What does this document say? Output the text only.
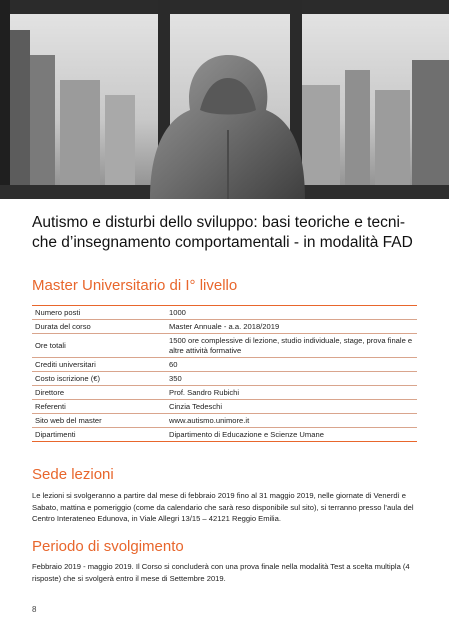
Autismo e disturbi dello sviluppo: basi teoriche e tecni-che d’insegnamento comportamentali - in modalità FAD
Master Universitario di I° livello
Numero posti	1000
Durata del corso	Master Annuale - a.a. 2018/2019
Ore totali	1500 ore complessive di lezione, studio individuale, stage, prova finale e altre attività formative
Crediti universitari	60
Costo iscrizione (€)	350
Direttore	Prof. Sandro Rubichi
Referenti	Cinzia Tedeschi
Sito web del master	www.autismo.unimore.it
Dipartimenti	Dipartimento di Educazione e Scienze Umane
Sede lezioni

Le lezioni si svolgeranno a partire dal mese di febbraio 2019 fino al 31 maggio 2019, nelle giornate di Venerdì e Sabato, mattina e pomeriggio (come da calendario che sarà reso disponibile sul sito), si terranno presso l’aula del Centro Interateneo Edunova, in Viale Allegri 13/15 – 42121 Reggio Emilia.

Periodo di svolgimento

Febbraio 2019 - maggio 2019. Il Corso si concluderà con una prova finale nella modalità Test a scelta multipla (4 risposte) che si svolgerà entro il mese di Settembre 2019.

8
